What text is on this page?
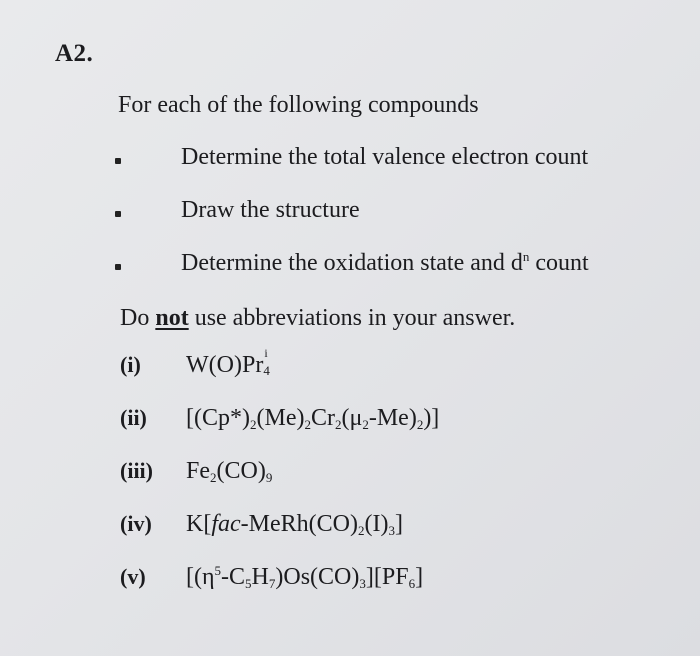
A2.
For each of the following compounds
Determine the total valence electron count
Draw the structure
Determine the oxidation state and $d^n$ count
Do not use abbreviations in your answer.
(i) W(O)Pr i
4
(ii) $[(Cp*)_2(Me)_2Cr_2(\mu_2-Me)_2)$]
(iii) $Fe_2(CO)_9$
(iv) $K[fac-MeRh(CO)_2(I)_3]$
(v) $[(\eta^5-C_5H_7)Os(CO)_3][PF_6]$
